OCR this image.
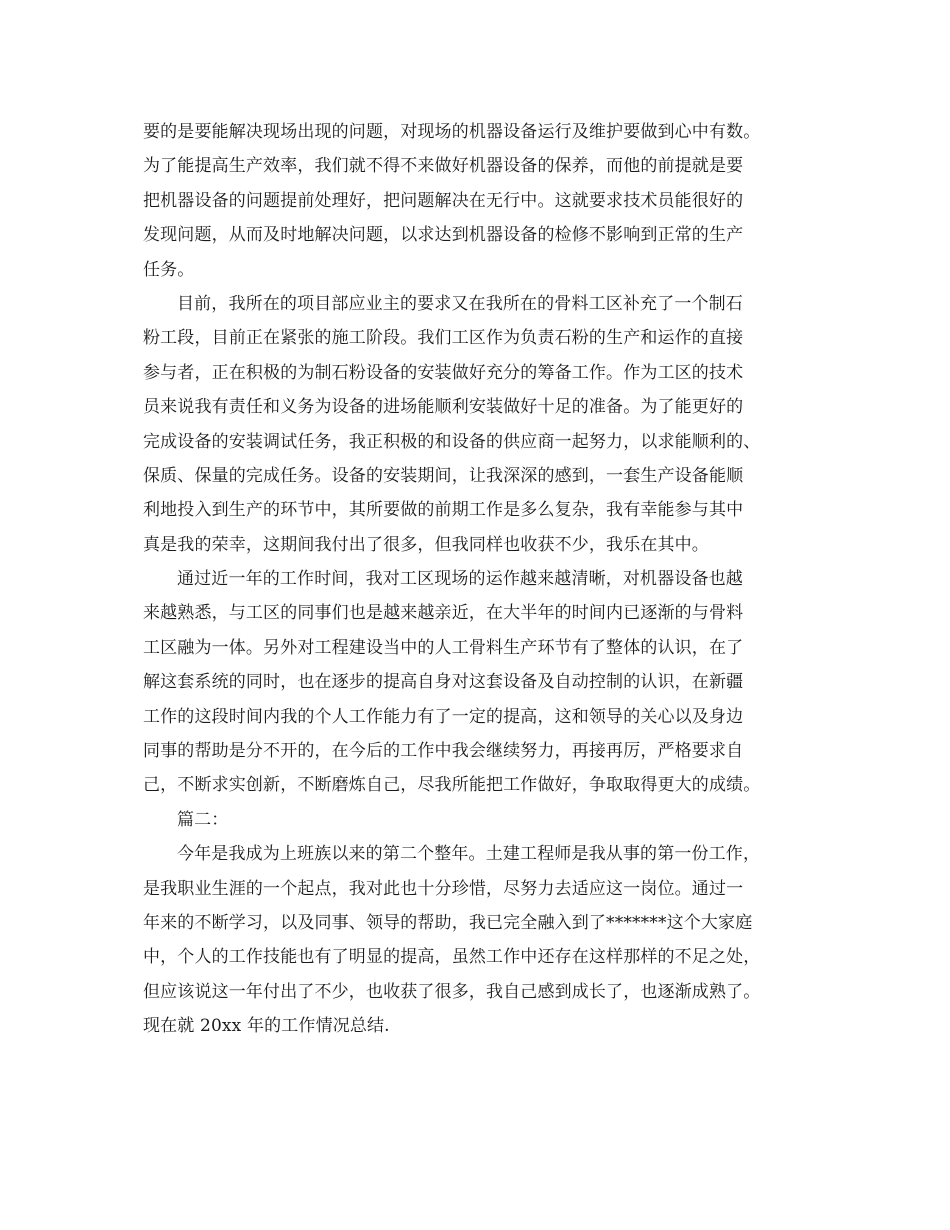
要的是要能解决现场出现的问题，对现场的机器设备运行及维护要做到心中有数。
为了能提高生产效率，我们就不得不来做好机器设备的保养，而他的前提就是要
把机器设备的问题提前处理好，把问题解决在无行中。这就要求技术员能很好的
发现问题，从而及时地解决问题，以求达到机器设备的检修不影响到正常的生产
任务。
目前，我所在的项目部应业主的要求又在我所在的骨料工区补充了一个制石
粉工段，目前正在紧张的施工阶段。我们工区作为负责石粉的生产和运作的直接
参与者，正在积极的为制石粉设备的安装做好充分的筹备工作。作为工区的技术
员来说我有责任和义务为设备的进场能顺利安装做好十足的准备。为了能更好的
完成设备的安装调试任务，我正积极的和设备的供应商一起努力，以求能顺利的、
保质、保量的完成任务。设备的安装期间，让我深深的感到，一套生产设备能顺
利地投入到生产的环节中，其所要做的前期工作是多么复杂，我有幸能参与其中
真是我的荣幸，这期间我付出了很多，但我同样也收获不少，我乐在其中。
通过近一年的工作时间，我对工区现场的运作越来越清晰，对机器设备也越
来越熟悉，与工区的同事们也是越来越亲近，在大半年的时间内已逐渐的与骨料
工区融为一体。另外对工程建设当中的人工骨料生产环节有了整体的认识，在了
解这套系统的同时，也在逐步的提高自身对这套设备及自动控制的认识，在新疆
工作的这段时间内我的个人工作能力有了一定的提高，这和领导的关心以及身边
同事的帮助是分不开的，在今后的工作中我会继续努力，再接再厉，严格要求自
己，不断求实创新，不断磨炼自己，尽我所能把工作做好，争取取得更大的成绩。
篇二：
今年是我成为上班族以来的第二个整年。土建工程师是我从事的第一份工作，
是我职业生涯的一个起点，我对此也十分珍惜，尽努力去适应这一岗位。通过一
年来的不断学习，以及同事、领导的帮助，我已完全融入到了*******这个大家庭
中，个人的工作技能也有了明显的提高，虽然工作中还存在这样那样的不足之处，
但应该说这一年付出了不少，也收获了很多，我自己感到成长了，也逐渐成熟了。
现在就 20xx 年的工作情况总结.
